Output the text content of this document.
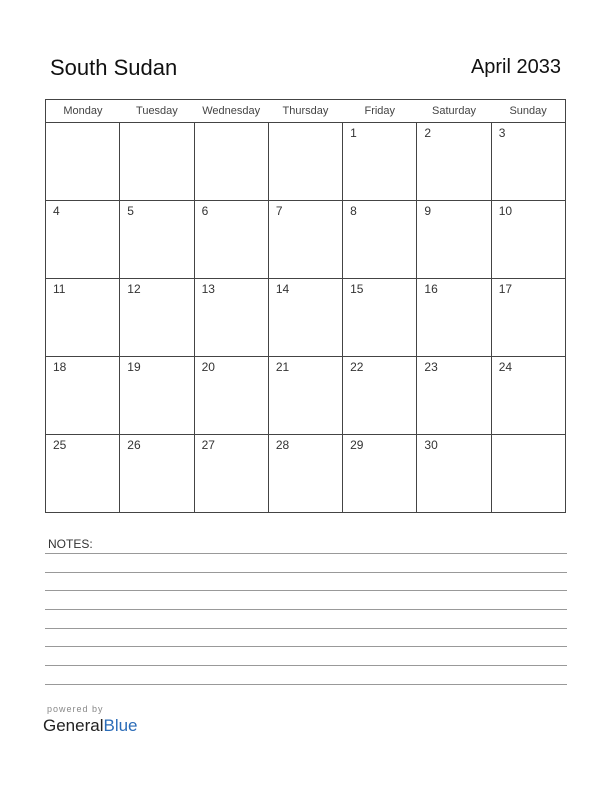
South Sudan	April 2033
Monday	Tuesday	Wednesday	Thursday	Friday	Saturday	Sunday

				1	2	3

4	5	6	7	8	9	10

11	12	13	14	15	16	17

18	19	20	21	22	23	24

25	26	27	28	29	30	

NOTES:
powered by
GeneralBlue
